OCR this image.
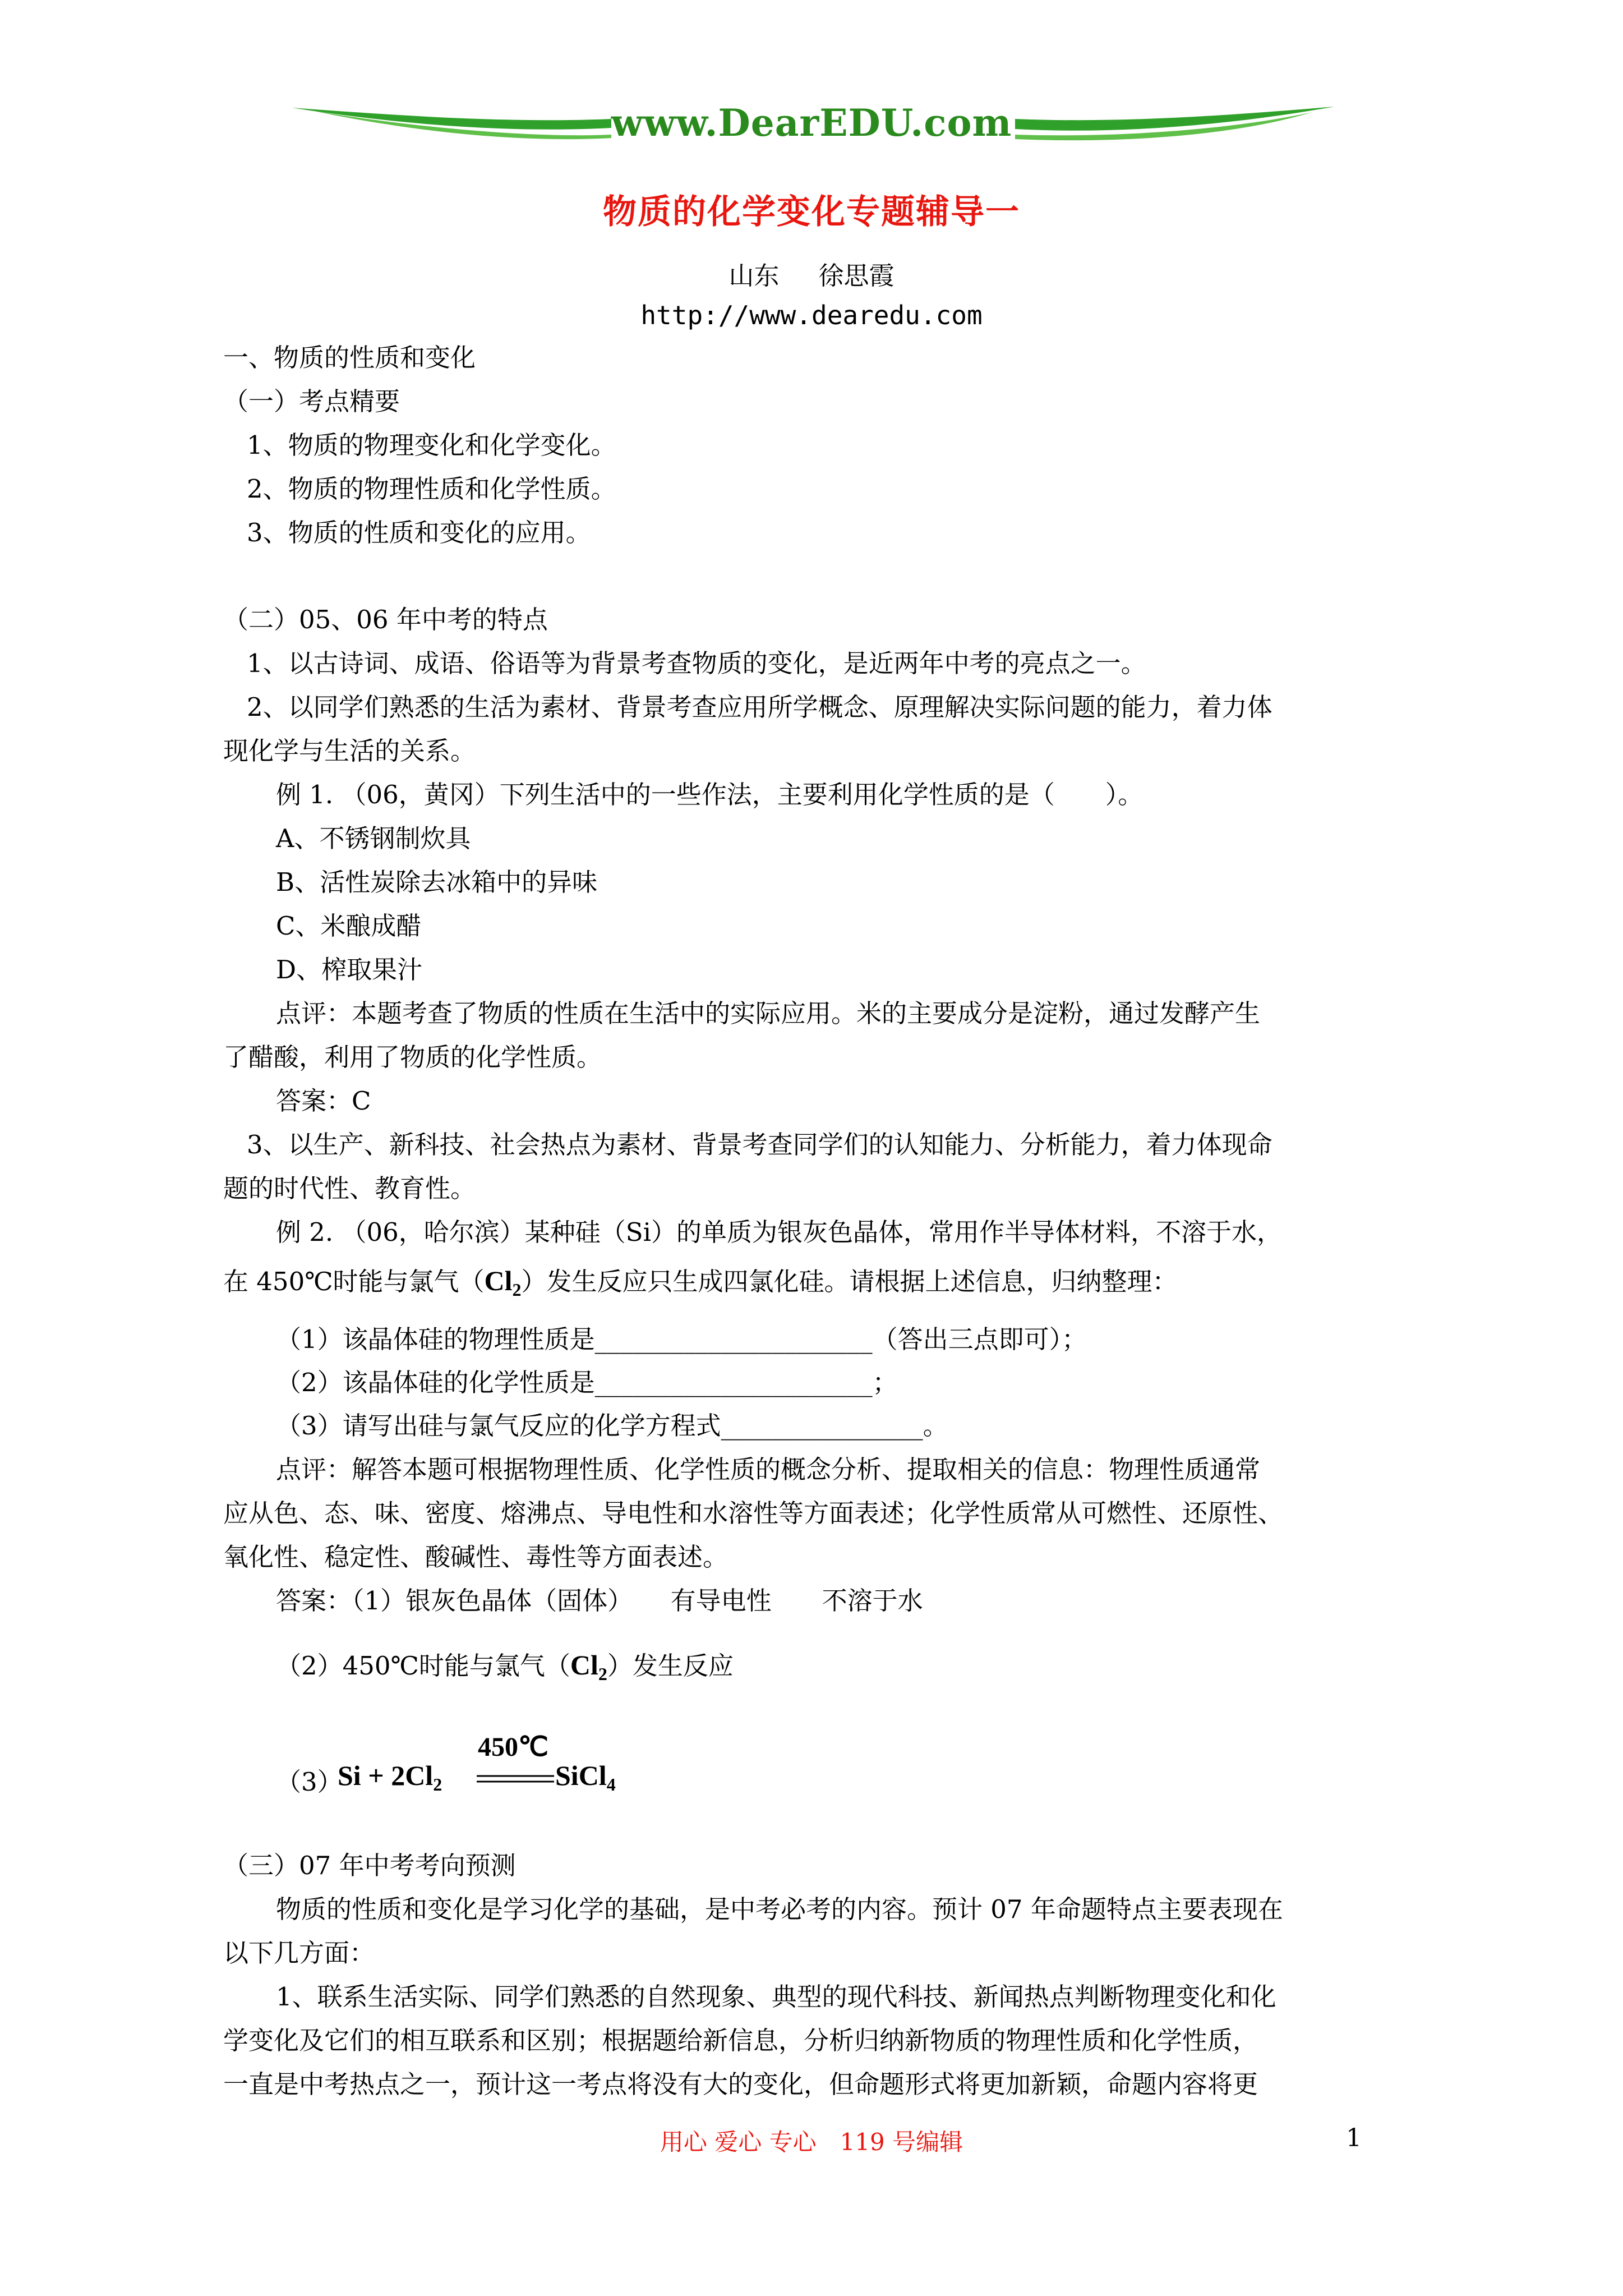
www.DearEDU.com
物质的化学变化专题辅导一
山东 徐思霞
http://www.dearedu.com
一、物质的性质和变化
（一）考点精要
1、物质的物理变化和化学变化。
2、物质的物理性质和化学性质。
3、物质的性质和变化的应用。
（二）05、06 年中考的特点
1、以古诗词、成语、俗语等为背景考查物质的变化，是近两年中考的亮点之一。
2、以同学们熟悉的生活为素材、背景考查应用所学概念、原理解决实际问题的能力，着力体
现化学与生活的关系。
例 1. （06，黄冈）下列生活中的一些作法，主要利用化学性质的是（　　）。
A、不锈钢制炊具
B、活性炭除去冰箱中的异味
C、米酿成醋
D、榨取果汁
点评：本题考查了物质的性质在生活中的实际应用。米的主要成分是淀粉，通过发酵产生
了醋酸，利用了物质的化学性质。
答案：C
3、以生产、新科技、社会热点为素材、背景考查同学们的认知能力、分析能力，着力体现命
题的时代性、教育性。
例 2. （06，哈尔滨）某种硅（Si）的单质为银灰色晶体，常用作半导体材料，不溶于水，
在 450℃时能与氯气$(Cl_2)$发生反应只生成四氯化硅。请根据上述信息，归纳整理：
（1）该晶体硅的物理性质是______________________（答出三点即可）；
（2）该晶体硅的化学性质是______________________；
（3）请写出硅与氯气反应的化学方程式________________。
点评：解答本题可根据物理性质、化学性质的概念分析、提取相关的信息：物理性质通常
应从色、态、味、密度、熔沸点、导电性和水溶性等方面表述；化学性质常从可燃性、还原性、
氧化性、稳定性、酸碱性、毒性等方面表述。
答案：（1）银灰色晶体（固体）　　有导电性　　不溶于水
（2）450℃时能与氯气$(Cl_2)$发生反应
（3）
$Si + 2Cl_2$
450℃
SiCl$_4$
（三）07 年中考考向预测
物质的性质和变化是学习化学的基础，是中考必考的内容。预计 07 年命题特点主要表现在
以下几方面：
1、联系生活实际、同学们熟悉的自然现象、典型的现代科技、新闻热点判断物理变化和化
学变化及它们的相互联系和区别；根据题给新信息，分析归纳新物质的物理性质和化学性质，
一直是中考热点之一，预计这一考点将没有大的变化，但命题形式将更加新颖，命题内容将更
用心 爱心 专心　119 号编辑	1
